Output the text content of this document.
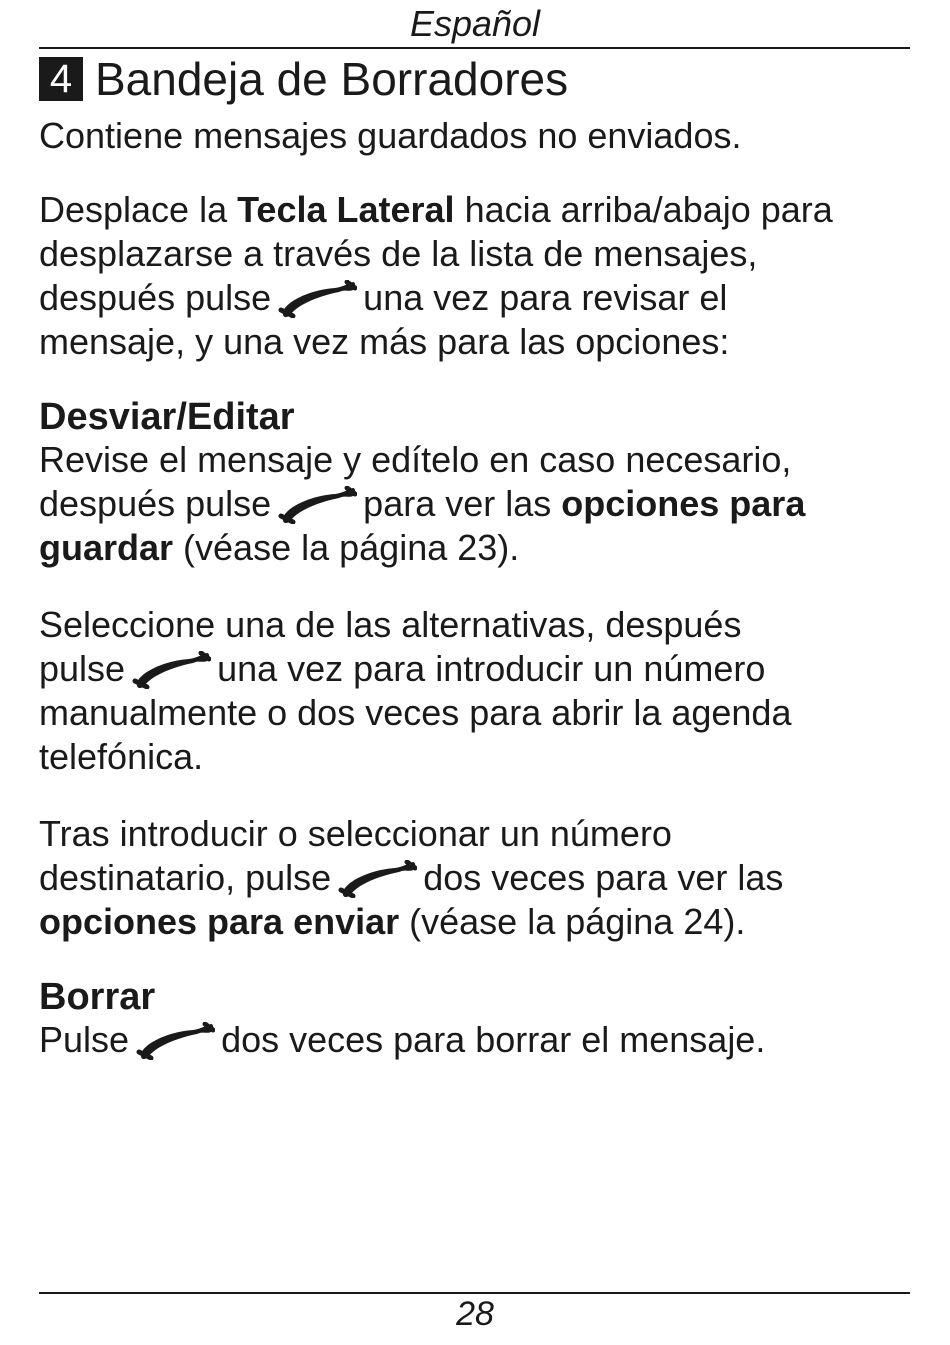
Español
4 Bandeja de Borradores

Contiene mensajes guardados no enviados.

Desplace la Tecla Lateral hacia arriba/abajo para

desplazarse a través de la lista de mensajes,

después pulse	una vez para revisar el

mensaje, y una vez más para las opciones:

Desviar/Editar

Revise el mensaje y edítelo en caso necesario,

después pulse	para ver las opciones para

guardar (véase la página 23).

Seleccione una de las alternativas, después

pulse	una vez para introducir un número

manualmente o dos veces para abrir la agenda

telefónica.

Tras introducir o seleccionar un número

destinatario, pulse	dos veces para ver las

opciones para enviar (véase la página 24).

Borrar

Pulse	dos veces para borrar el mensaje.

28
